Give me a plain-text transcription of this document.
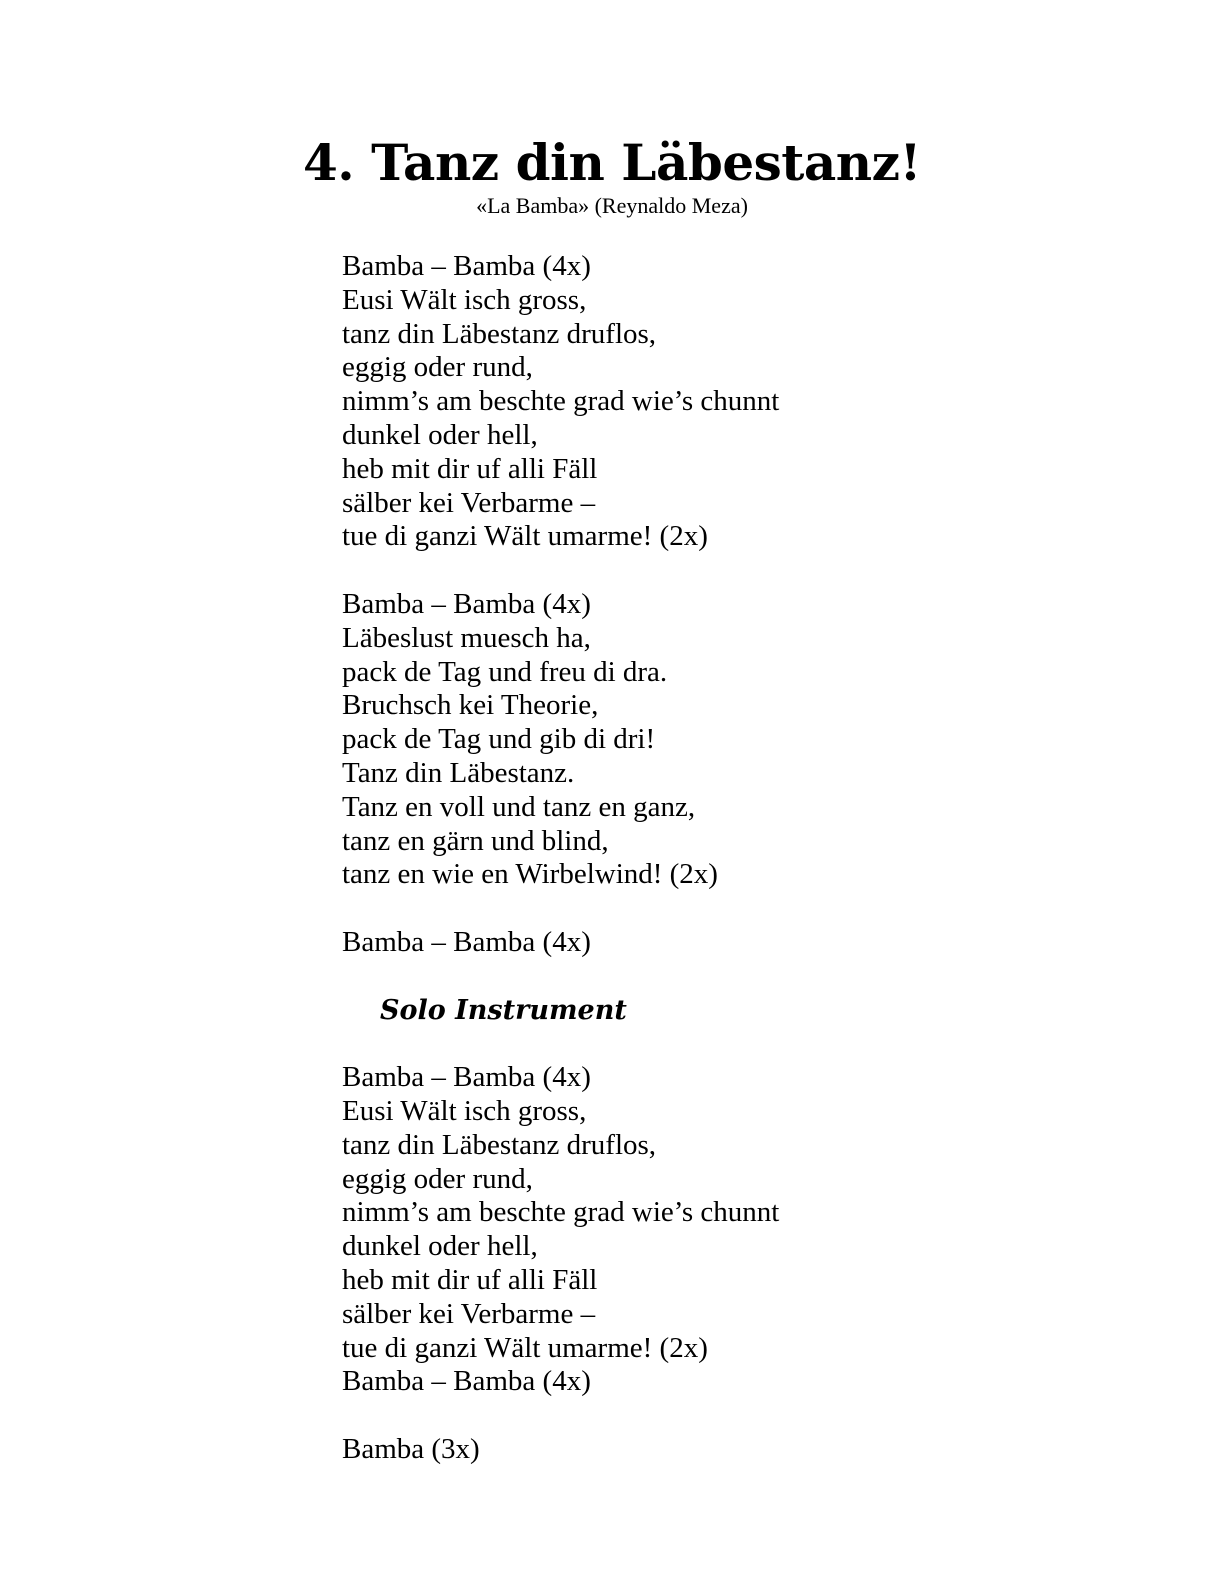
4. Tanz din Läbestanz!
«La Bamba» (Reynaldo Meza)
Bamba – Bamba (4x)
Eusi Wält isch gross,
tanz din Läbestanz druflos,
eggig oder rund,
nimm’s am beschte grad wie’s chunnt
dunkel oder hell,
heb mit dir uf alli Fäll
sälber kei Verbarme –
tue di ganzi Wält umarme! (2x)
Bamba – Bamba (4x)
Läbeslust muesch ha,
pack de Tag und freu di dra.
Bruchsch kei Theorie,
pack de Tag und gib di dri!
Tanz din Läbestanz.
Tanz en voll und tanz en ganz,
tanz en gärn und blind,
tanz en wie en Wirbelwind! (2x)
Bamba – Bamba (4x)
Solo Instrument
Bamba – Bamba (4x)
Eusi Wält isch gross,
tanz din Läbestanz druflos,
eggig oder rund,
nimm’s am beschte grad wie’s chunnt
dunkel oder hell,
heb mit dir uf alli Fäll
sälber kei Verbarme –
tue di ganzi Wält umarme! (2x)
Bamba – Bamba (4x)
Bamba (3x)
